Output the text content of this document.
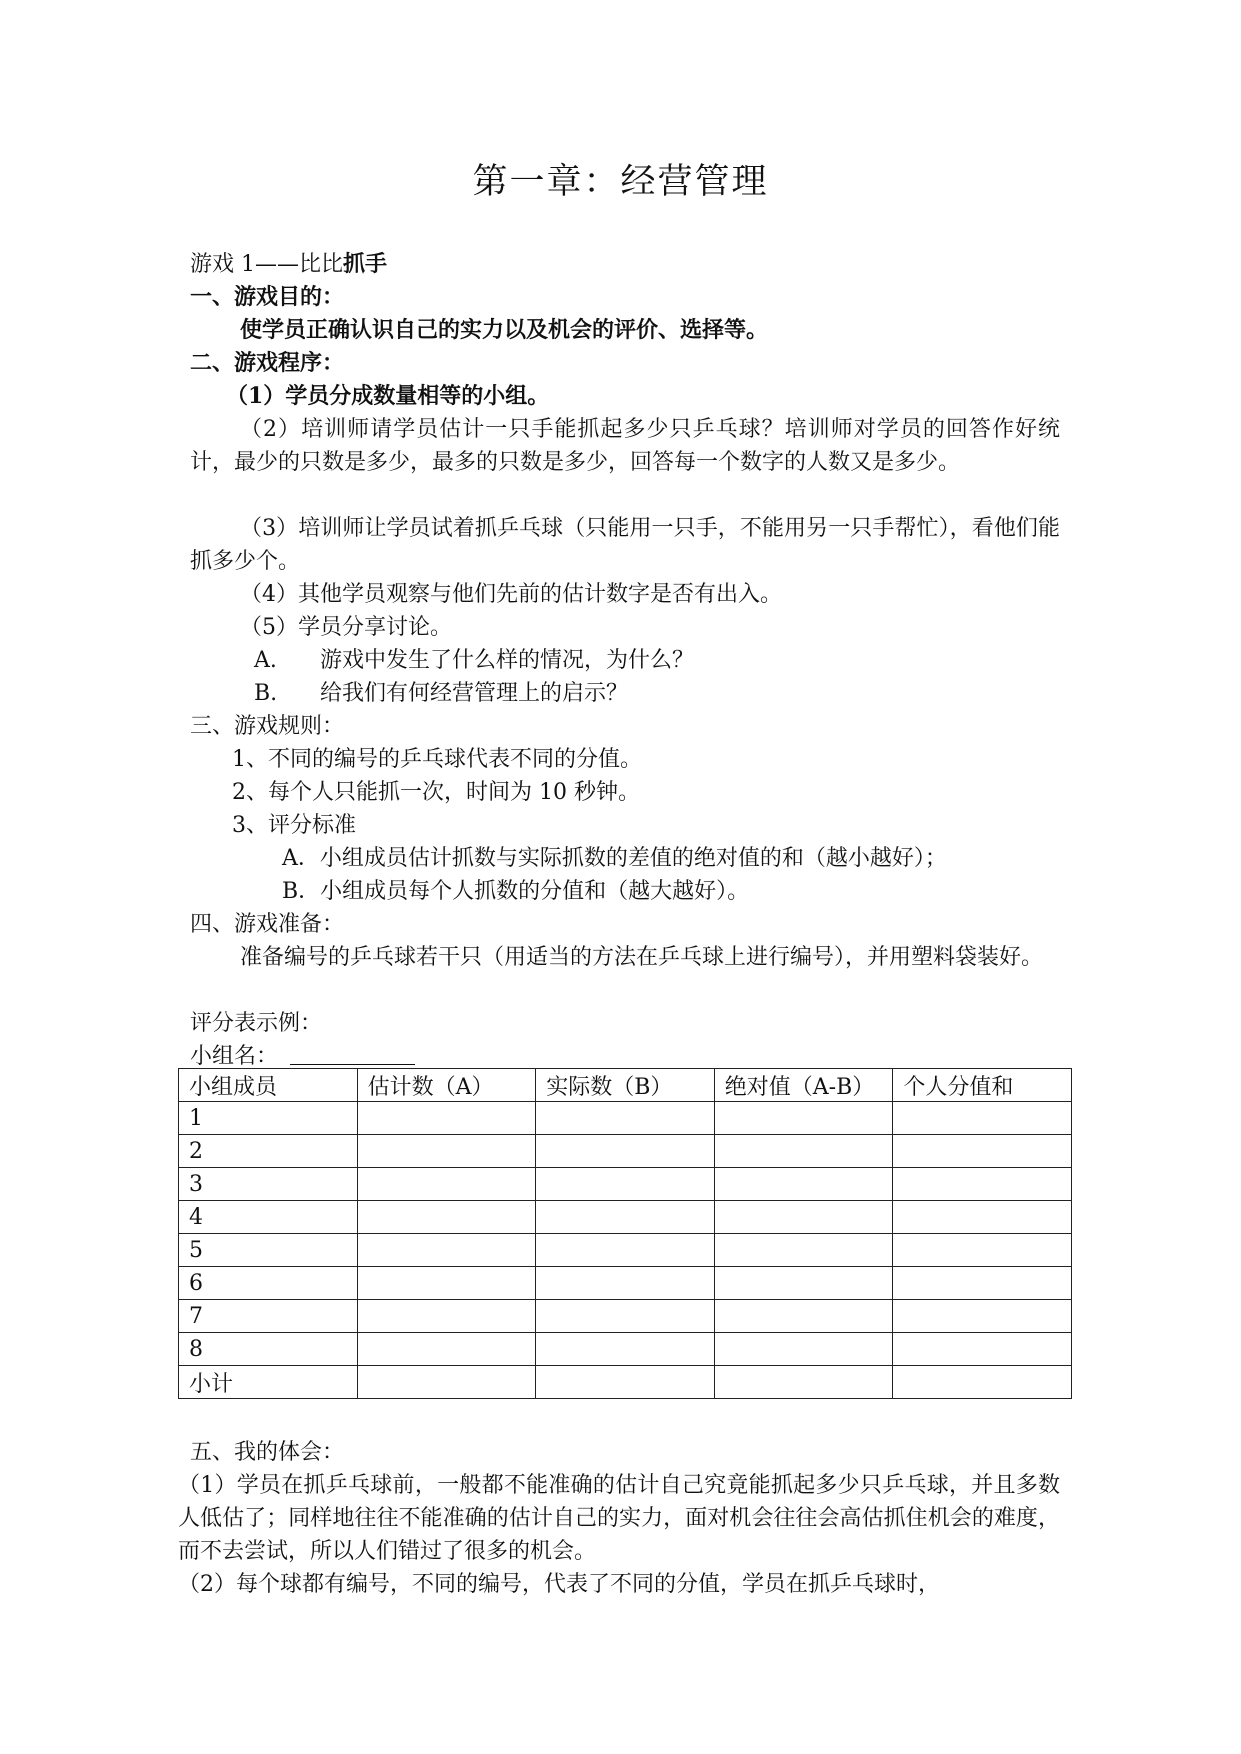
第一章：经营管理
游戏 1——比比抓手
一、游戏目的：
使学员正确认识自己的实力以及机会的评价、选择等。
二、游戏程序：
（1）学员分成数量相等的小组。
（2）培训师请学员估计一只手能抓起多少只乒乓球？培训师对学员的回答作好统计，最少的只数是多少，最多的只数是多少，回答每一个数字的人数又是多少。
（3）培训师让学员试着抓乒乓球（只能用一只手，不能用另一只手帮忙），看他们能抓多少个。
（4）其他学员观察与他们先前的估计数字是否有出入。
（5）学员分享讨论。
A. 游戏中发生了什么样的情况，为什么？
B. 给我们有何经营管理上的启示？
三、游戏规则：
1、不同的编号的乒乓球代表不同的分值。
2、每个人只能抓一次，时间为 10 秒钟。
3、评分标准
A．小组成员估计抓数与实际抓数的差值的绝对值的和（越小越好）；
B．小组成员每个人抓数的分值和（越大越好）。
四、游戏准备：
准备编号的乒乓球若干只（用适当的方法在乒乓球上进行编号），并用塑料袋装好。
评分表示例：
小组名：
小组成员	估计数（A）	实际数（B）	绝对值（A-B）	个人分值和
1				
2				
3				
4				
5				
6				
7				
8				
小计				
五、我的体会：
（1）学员在抓乒乓球前，一般都不能准确的估计自己究竟能抓起多少只乒乓球，并且多数人低估了；同样地往往不能准确的估计自己的实力，面对机会往往会高估抓住机会的难度，而不去尝试，所以人们错过了很多的机会。
（2）每个球都有编号，不同的编号，代表了不同的分值，学员在抓乒乓球时，
